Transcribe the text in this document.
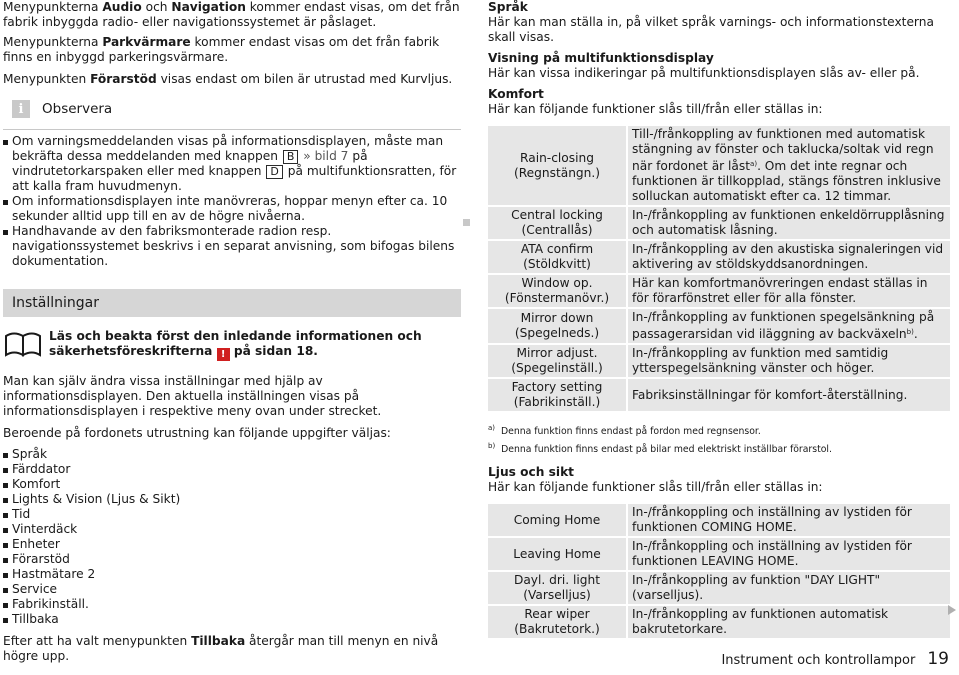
Menypunkterna Audio och Navigation kommer endast visas, om det från fabrik inbyggda radio- eller navigationssystemet är påslaget.

Menypunkterna Parkvärmare kommer endast visas om det från fabrik finns en inbyggd parkeringsvärmare.

Menypunkten Förarstöd visas endast om bilen är utrustad med Kurvljus.

i	Observera
Om varningsmeddelanden visas på informationsdisplayen, måste man bekräfta dessa meddelanden med knappen B » bild 7 på vindrutetorkarspaken eller med knappen D på multifunktionsratten, för att kalla fram huvudmenyn.
Om informationsdisplayen inte manövreras, hoppar menyn efter ca. 10 sekunder alltid upp till en av de högre nivåerna.
Handhavande av den fabriksmonterade radion resp. navigationssystemet beskrivs i en separat anvisning, som bifogas bilens dokumentation.
Inställningar

Läs och beakta först den inledande informationen och säkerhetsföreskrifterna ! på sidan 18.

Man kan själv ändra vissa inställningar med hjälp av informationsdisplayen. Den aktuella inställningen visas på informationsdisplayen i respektive meny ovan under strecket.

Beroende på fordonets utrustning kan följande uppgifter väljas:

Språk
Färddator
Komfort
Lights & Vision (Ljus & Sikt)
Tid
Vinterdäck
Enheter
Förarstöd
Hastmätare 2
Service
Fabrikinställ.
Tillbaka

Efter att ha valt menypunkten Tillbaka återgår man till menyn en nivå högre upp.

Språk

Här kan man ställa in, på vilket språk varnings- och informationstexterna skall visas.

Visning på multifunktionsdisplay

Här kan vissa indikeringar på multifunktionsdisplayen slås av- eller på.

Komfort

Här kan följande funktioner slås till/från eller ställas in:

Rain-closing (Regnstängn.)	Till-/frånkoppling av funktionen med automatisk stängning av fönster och taklucka/soltak vid regn när fordonet är låst$^{a)}$. Om det inte regnar och funktionen är tillkopplad, stängs fönstren inklusive solluckan automatiskt efter ca. 12 timmar.
Central locking (Centrallås)	In-/frånkoppling av funktionen enkeldörrupplåsning och automatisk låsning.
ATA confirm (Stöldkvitt)	In-/frånkoppling av den akustiska signaleringen vid aktivering av stöldskyddsanordningen.
Window op. (Fönstermanövr.)	Här kan komfortmanövreringen endast ställas in för förarfönstret eller för alla fönster.
Mirror down (Spegelneds.)	In-/frånkoppling av funktionen spegelsänkning på passagerarsidan vid iläggning av backväxeln$^{b)}$.
Mirror adjust. (Spegelinställ.)	In-/frånkoppling av funktion med samtidig ytterspegelsänkning vänster och höger.
Factory setting (Fabrikinställ.)	Fabriksinställningar för komfort-återställning.

$^{a)}$ Denna funktion finns endast på fordon med regnsensor.

$^{b)}$ Denna funktion finns endast på bilar med elektriskt inställbar förarstol.

Ljus och sikt

Här kan följande funktioner slås till/från eller ställas in:

Coming Home	In-/frånkoppling och inställning av lystiden för funktionen COMING HOME.
Leaving Home	In-/frånkoppling och inställning av lystiden för funktionen LEAVING HOME.
Dayl. dri. light (Varselljus)	In-/frånkoppling av funktion "DAY LIGHT"(varselljus).
Rear wiper (Bakrutetork.)	In-/frånkoppling av funktionen automatisk bakrutetorkare.
Instrument och kontrollampor 19
